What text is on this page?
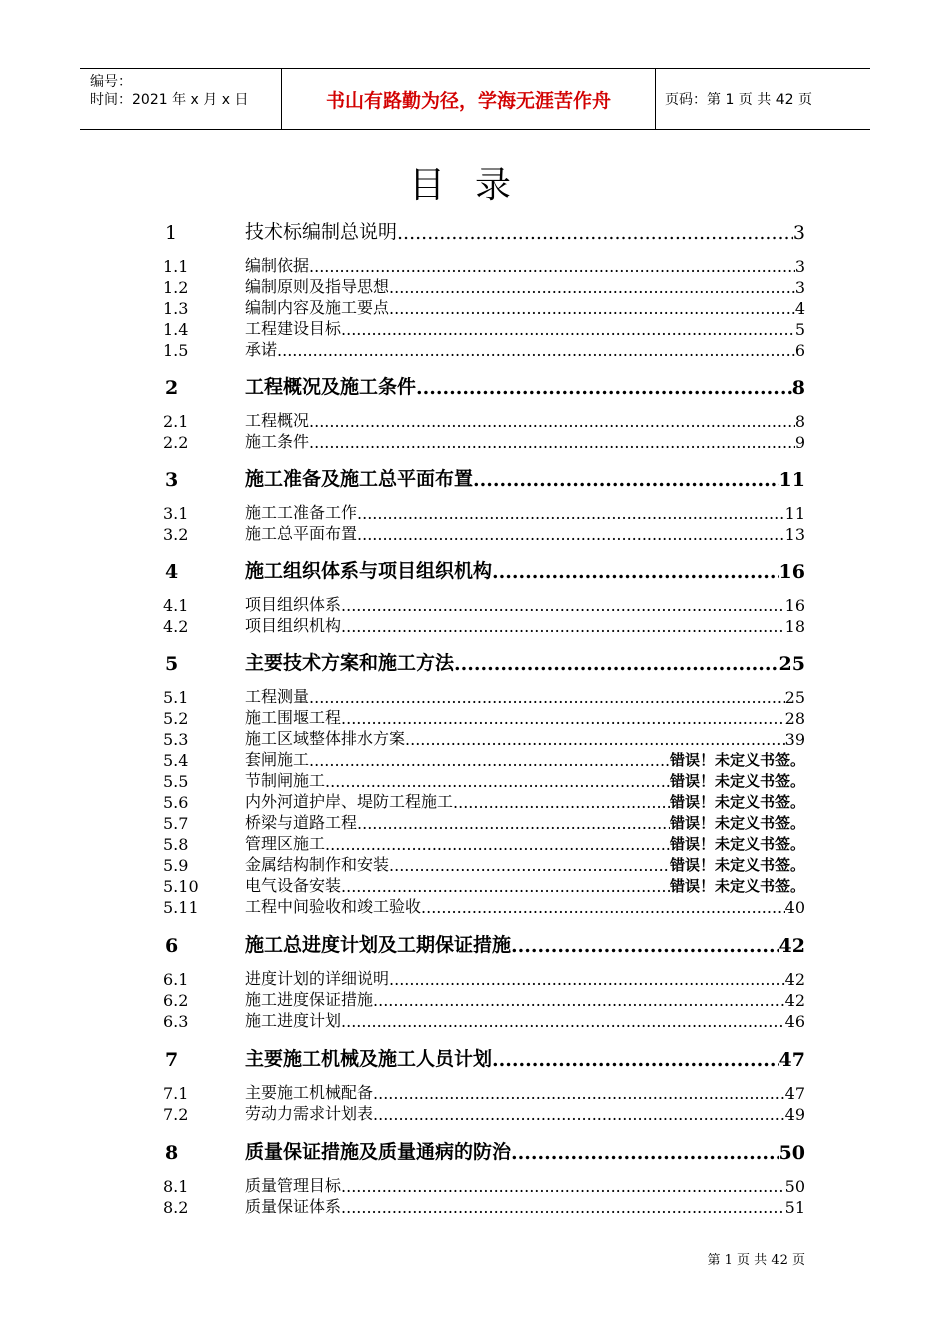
编号：
时间：2021 年 x 月 x 日	书山有路勤为径，学海无涯苦作舟	页码：第 1 页 共 42 页
目录
1	技术标编制总说明 .....	3
1.1	编制依据 .....	3
1.2	编制原则及指导思想 .....	3
1.3	编制内容及施工要点 .....	4
1.4	工程建设目标 .....	5
1.5	承诺 .....	6
2	工程概况及施工条件 .....	8
2.1	工程概况 .....	8
2.2	施工条件 .....	9
3	施工准备及施工总平面布置 .....	11
3.1	施工工准备工作 .....	11
3.2	施工总平面布置 .....	13
4	施工组织体系与项目组织机构 .....	16
4.1	项目组织体系 .....	16
4.2	项目组织机构 .....	18
5	主要技术方案和施工方法 .....	25
5.1	工程测量 .....	25
5.2	施工围堰工程 .....	28
5.3	施工区域整体排水方案 .....	39
5.4	套闸施工 .....	错误！未定义书签。
5.5	节制闸施工 .....	错误！未定义书签。
5.6	内外河道护岸、堤防工程施工 .....	错误！未定义书签。
5.7	桥梁与道路工程 .....	错误！未定义书签。
5.8	管理区施工 .....	错误！未定义书签。
5.9	金属结构制作和安装 .....	错误！未定义书签。
5.10	电气设备安装 .....	错误！未定义书签。
5.11	工程中间验收和竣工验收 .....	40
6	施工总进度计划及工期保证措施 .....	42
6.1	进度计划的详细说明 .....	42
6.2	施工进度保证措施 .....	42
6.3	施工进度计划 .....	46
7	主要施工机械及施工人员计划 .....	47
7.1	主要施工机械配备 .....	47
7.2	劳动力需求计划表 .....	49
8	质量保证措施及质量通病的防治 .....	50
8.1	质量管理目标 .....	50
8.2	质量保证体系 .....	51
第 1 页 共 42 页
